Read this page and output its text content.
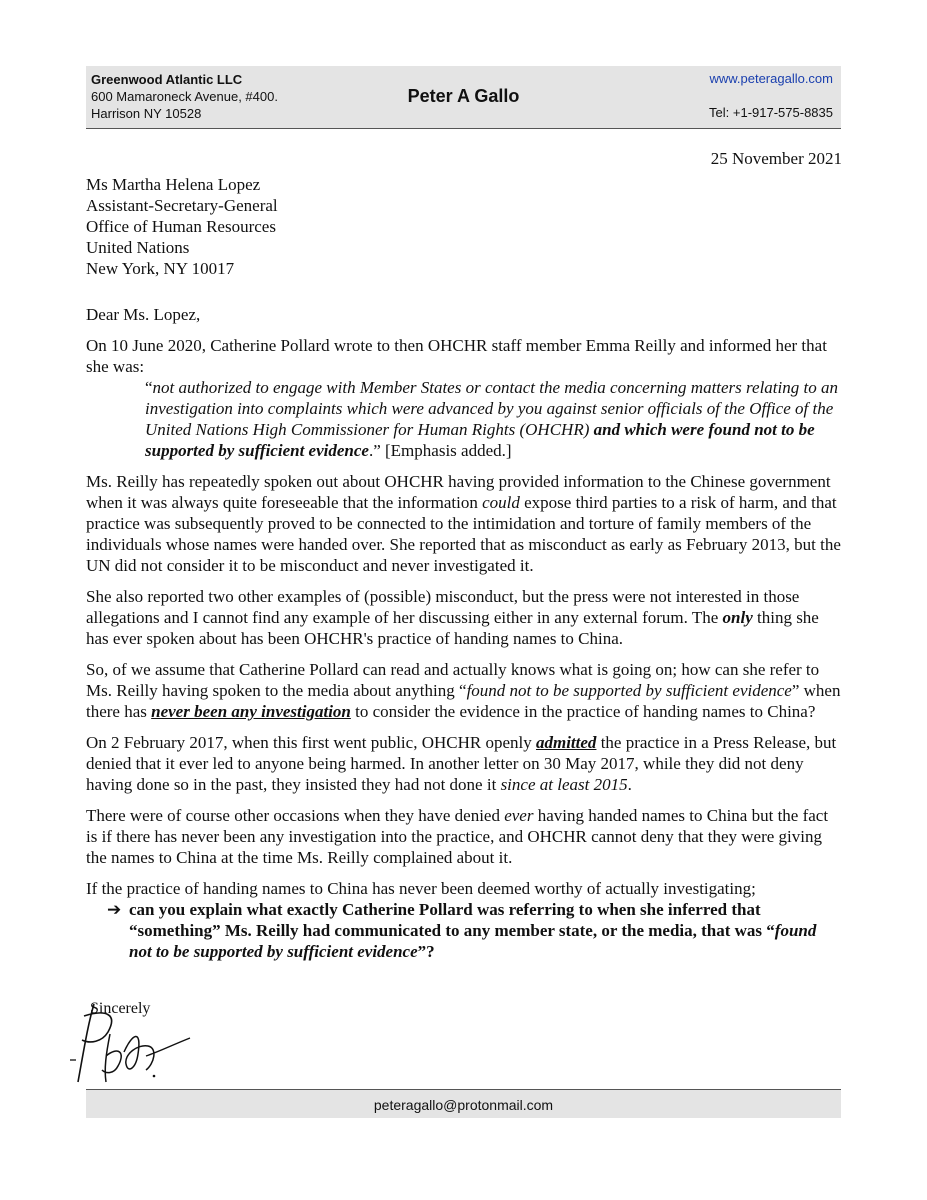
Greenwood Atlantic LLC
600 Mamaroneck Avenue, #400.
Harrison NY 10528
Peter A Gallo
www.peteragallo.com
Tel: +1-917-575-8835
25 November 2021
Ms Martha Helena Lopez
Assistant-Secretary-General
Office of Human Resources
United Nations
New York, NY 10017

Dear Ms. Lopez,

On 10 June 2020, Catherine Pollard wrote to then OHCHR staff member Emma Reilly and informed her that she was:

“not authorized to engage with Member States or contact the media concerning matters relating to an investigation into complaints which were advanced by you against senior officials of the Office of the United Nations High Commissioner for Human Rights (OHCHR) and which were found not to be supported by sufficient evidence.” [Emphasis added.]

Ms. Reilly has repeatedly spoken out about OHCHR having provided information to the Chinese government when it was always quite foreseeable that the information could expose third parties to a risk of harm, and that practice was subsequently proved to be connected to the intimidation and torture of family members of the individuals whose names were handed over. She reported that as misconduct as early as February 2013, but the UN did not consider it to be misconduct and never investigated it.

She also reported two other examples of (possible) misconduct, but the press were not interested in those allegations and I cannot find any example of her discussing either in any external forum. The only thing she has ever spoken about has been OHCHR's practice of handing names to China.

So, of we assume that Catherine Pollard can read and actually knows what is going on; how can she refer to Ms. Reilly having spoken to the media about anything “found not to be supported by sufficient evidence” when there has never been any investigation to consider the evidence in the practice of handing names to China?

On 2 February 2017, when this first went public, OHCHR openly admitted the practice in a Press Release, but denied that it ever led to anyone being harmed. In another letter on 30 May 2017, while they did not deny having done so in the past, they insisted they had not done it since at least 2015.

There were of course other occasions when they have denied ever having handed names to China but the fact is if there has never been any investigation into the practice, and OHCHR cannot deny that they were giving the names to China at the time Ms. Reilly complained about it.

If the practice of handing names to China has never been deemed worthy of actually investigating;

➔ can you explain what exactly Catherine Pollard was referring to when she inferred that “something” Ms. Reilly had communicated to any member state, or the media, that was “found not to be supported by sufficient evidence”?
Sincerely
peteragallo@protonmail.com
